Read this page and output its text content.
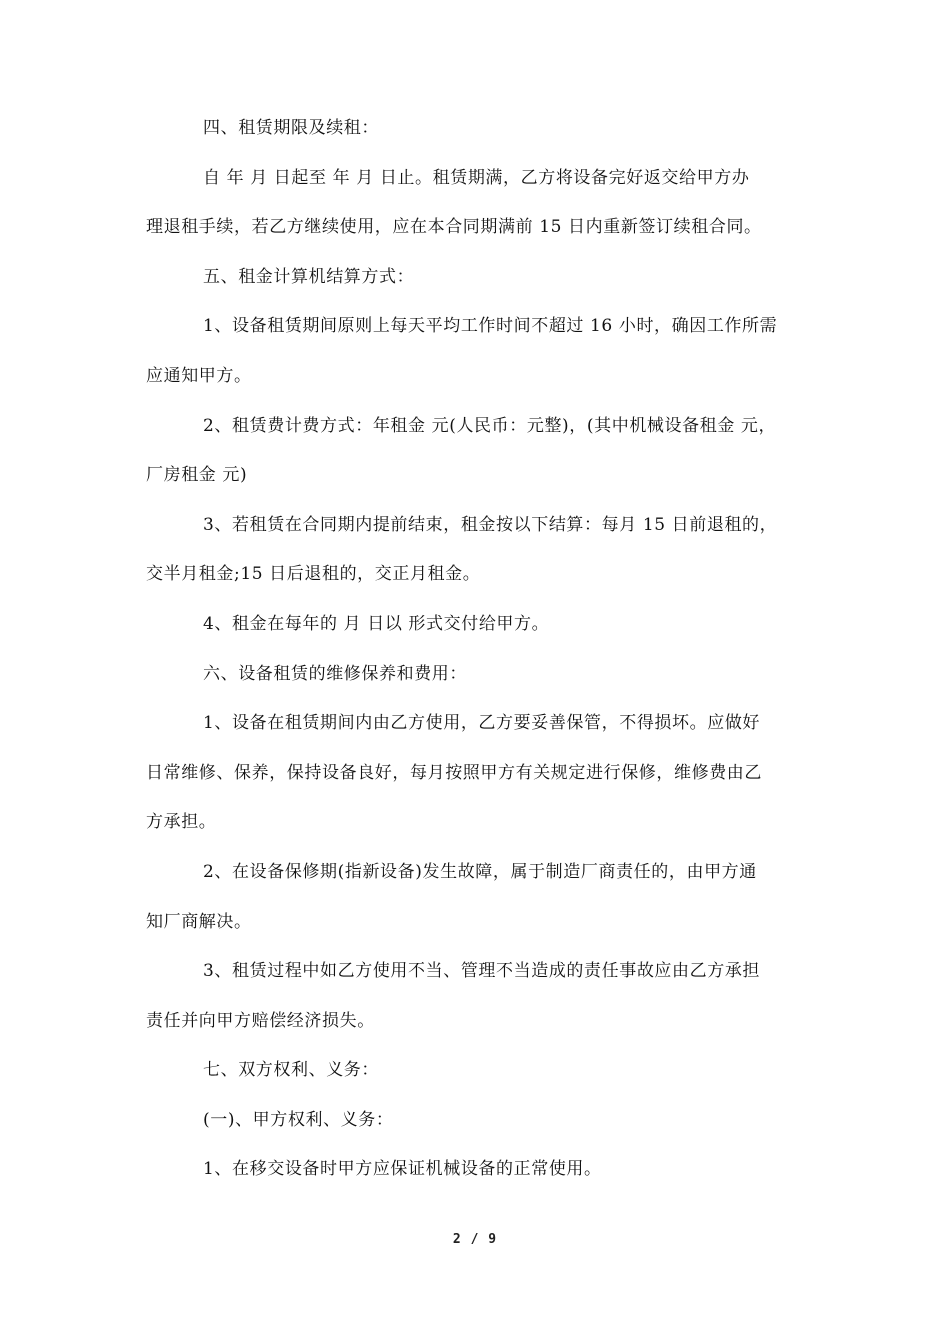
四、租赁期限及续租：

自 年 月 日起至 年 月 日止。租赁期满，乙方将设备完好返交给甲方办
理退租手续，若乙方继续使用，应在本合同期满前 15 日内重新签订续租合同。

五、租金计算机结算方式：

1、设备租赁期间原则上每天平均工作时间不超过 16 小时，确因工作所需
应通知甲方。

2、租赁费计费方式：年租金 元(人民币：元整)，(其中机械设备租金 元，
厂房租金 元)

3、若租赁在合同期内提前结束，租金按以下结算：每月 15 日前退租的，
交半月租金;15 日后退租的，交正月租金。

4、租金在每年的 月 日以 形式交付给甲方。

六、设备租赁的维修保养和费用：

1、设备在租赁期间内由乙方使用，乙方要妥善保管，不得损坏。应做好
日常维修、保养，保持设备良好，每月按照甲方有关规定进行保修，维修费由乙
方承担。

2、在设备保修期(指新设备)发生故障，属于制造厂商责任的，由甲方通
知厂商解决。

3、租赁过程中如乙方使用不当、管理不当造成的责任事故应由乙方承担
责任并向甲方赔偿经济损失。

七、双方权利、义务：

(一)、甲方权利、义务：

1、在移交设备时甲方应保证机械设备的正常使用。

2 / 9
